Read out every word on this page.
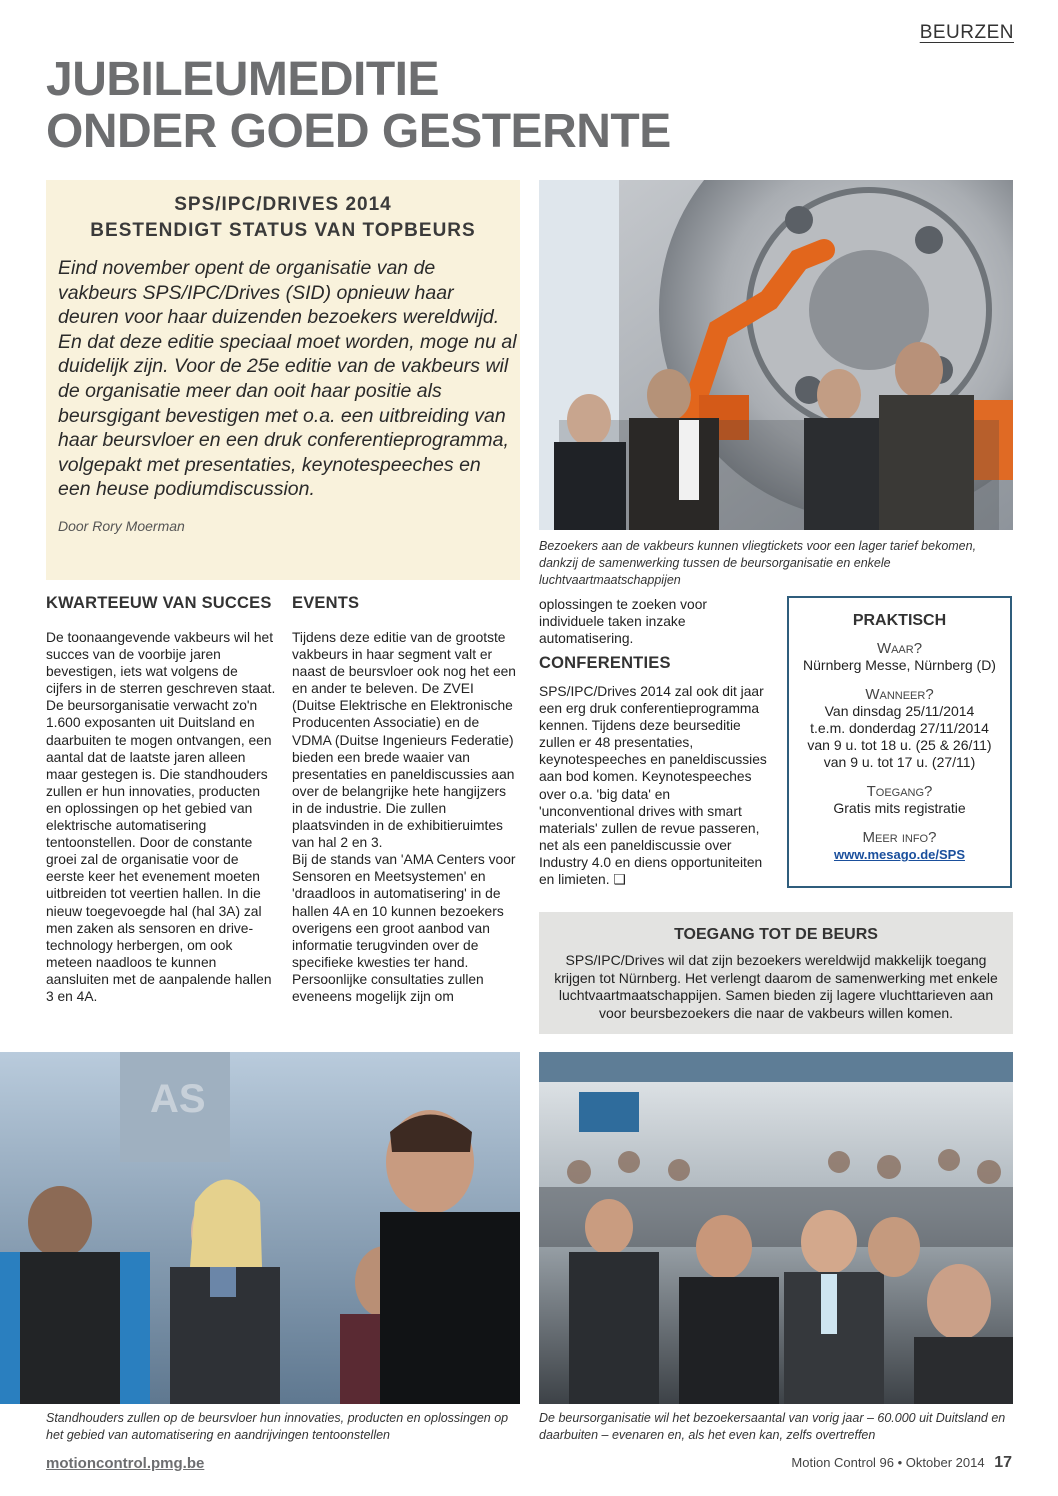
BEURZEN
JUBILEUMEDITIE
ONDER GOED GESTERNTE
SPS/IPC/DRIVES 2014
BESTENDIGT STATUS VAN TOPBEURS

Eind november opent de organisatie van de vakbeurs SPS/IPC/Drives (SID) opnieuw haar deuren voor haar duizenden bezoekers wereldwijd. En dat deze editie speciaal moet worden, moge nu al duidelijk zijn. Voor de 25e editie van de vakbeurs wil de organisatie meer dan ooit haar positie als beursgigant bevestigen met o.a. een uitbreiding van haar beursvloer en een druk conferentieprogramma, volgepakt met presentaties, keynotespeeches en een heuse podiumdiscussion.

Door Rory Moerman
Bezoekers aan de vakbeurs kunnen vliegtickets voor een lager tarief bekomen, dankzij de samenwerking tussen de beursorganisatie en enkele luchtvaartmaatschappijen
KWARTEEUW VAN SUCCES

De toonaangevende vakbeurs wil het succes van de voorbije jaren bevestigen, iets wat volgens de cijfers in de sterren geschreven staat. De beursorganisatie verwacht zo'n 1.600 exposanten uit Duitsland en daarbuiten te mogen ontvangen, een aantal dat de laatste jaren alleen maar gestegen is. Die standhouders zullen er hun innovaties, producten en oplossingen op het gebied van elektrische automatisering tentoonstellen. Door de constante groei zal de organisatie voor de eerste keer het evenement moeten uitbreiden tot veertien hallen. In die nieuw toegevoegde hal (hal 3A) zal men zaken als sensoren en drive-technology herbergen, om ook meteen naadloos te kunnen aansluiten met de aanpalende hallen 3 en 4A.

EVENTS

Tijdens deze editie van de grootste vakbeurs in haar segment valt er naast de beursvloer ook nog het een en ander te beleven. De ZVEI (Duitse Elektrische en Elektronische Producenten Associatie) en de VDMA (Duitse Ingenieurs Federatie) bieden een brede waaier van presentaties en paneldiscussies aan over de belangrijke hete hangijzers in de industrie. Die zullen plaatsvinden in de exhibitieruimtes van hal 2 en 3.

Bij de stands van 'AMA Centers voor Sensoren en Meetsystemen' en 'draadloos in automatisering' in de hallen 4A en 10 kunnen bezoekers overigens een groot aanbod van informatie terugvinden over de specifieke kwesties ter hand.

Persoonlijke consultaties zullen eveneens mogelijk zijn om

oplossingen te zoeken voor individuele taken inzake automatisering.

CONFERENTIES

SPS/IPC/Drives 2014 zal ook dit jaar een erg druk conferentieprogramma kennen. Tijdens deze beurseditie zullen er 48 presentaties, keynotespeeches en paneldiscussies aan bod komen. Keynotespeeches over o.a. 'big data' en 'unconventional drives with smart materials' zullen de revue passeren, net als een paneldiscussie over Industry 4.0 en diens opportuniteiten en limieten. ❑

PRAKTISCH
Waar?
Nürnberg Messe, Nürnberg (D)
Wanneer?
Van dinsdag 25/11/2014
t.e.m. donderdag 27/11/2014
van 9 u. tot 18 u. (25 & 26/11)
van 9 u. tot 17 u. (27/11)
Toegang?
Gratis mits registratie
Meer info?
www.mesago.de/SPS
TOEGANG TOT DE BEURS

SPS/IPC/Drives wil dat zijn bezoekers wereldwijd makkelijk toegang krijgen tot Nürnberg. Het verlengt daarom de samenwerking met enkele luchtvaartmaatschappijen. Samen bieden zij lagere vluchttarieven aan voor beursbezoekers die naar de vakbeurs willen komen.

AS
Standhouders zullen op de beursvloer hun innovaties, producten en oplossingen op het gebied van automatisering en aandrijvingen tentoonstellen
De beursorganisatie wil het bezoekersaantal van vorig jaar – 60.000 uit Duitsland en daarbuiten – evenaren en, als het even kan, zelfs overtreffen
motioncontrol.pmg.be	Motion Control 96 • Oktober 2014 17
